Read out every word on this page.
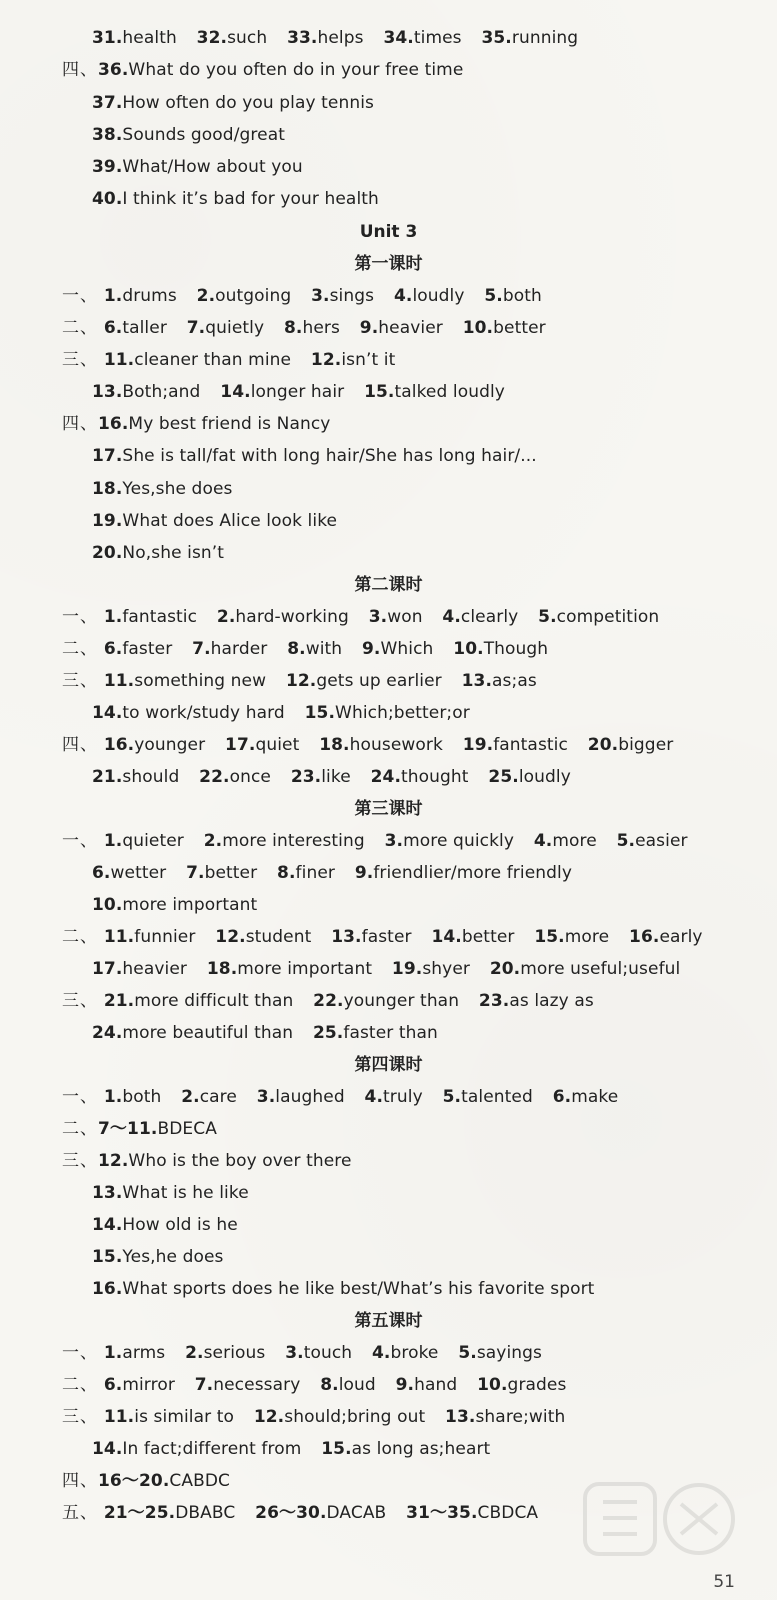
31.health 32.such 33.helps 34.times 35.running
四、36.What do you often do in your free time
37.How often do you play tennis
38.Sounds good/great
39.What/How about you
40.I think it’s bad for your health
Unit 3
第一课时
一、 1.drums 2.outgoing 3.sings 4.loudly 5.both
二、 6.taller 7.quietly 8.hers 9.heavier 10.better
三、 11.cleaner than mine 12.isn’t it
13.Both;and 14.longer hair 15.talked loudly
四、16.My best friend is Nancy
17.She is tall/fat with long hair/She has long hair/...
18.Yes,she does
19.What does Alice look like
20.No,she isn’t
第二课时
一、 1.fantastic 2.hard-working 3.won 4.clearly 5.competition
二、 6.faster 7.harder 8.with 9.Which 10.Though
三、 11.something new 12.gets up earlier 13.as;as
14.to work/study hard 15.Which;better;or
四、 16.younger 17.quiet 18.housework 19.fantastic 20.bigger
21.should 22.once 23.like 24.thought 25.loudly
第三课时
一、 1.quieter 2.more interesting 3.more quickly 4.more 5.easier
6.wetter 7.better 8.finer 9.friendlier/more friendly
10.more important
二、 11.funnier 12.student 13.faster 14.better 15.more 16.early
17.heavier 18.more important 19.shyer 20.more useful;useful
三、 21.more difficult than 22.younger than 23.as lazy as
24.more beautiful than 25.faster than
第四课时
一、 1.both 2.care 3.laughed 4.truly 5.talented 6.make
二、7～11.BDECA
三、12.Who is the boy over there
13.What is he like
14.How old is he
15.Yes,he does
16.What sports does he like best/What’s his favorite sport
第五课时
一、 1.arms 2.serious 3.touch 4.broke 5.sayings
二、 6.mirror 7.necessary 8.loud 9.hand 10.grades
三、 11.is similar to 12.should;bring out 13.share;with
14.In fact;different from 15.as long as;heart
四、16～20.CABDC
五、 21～25.DBABC 26～30.DACAB 31～35.CBDCA
51
